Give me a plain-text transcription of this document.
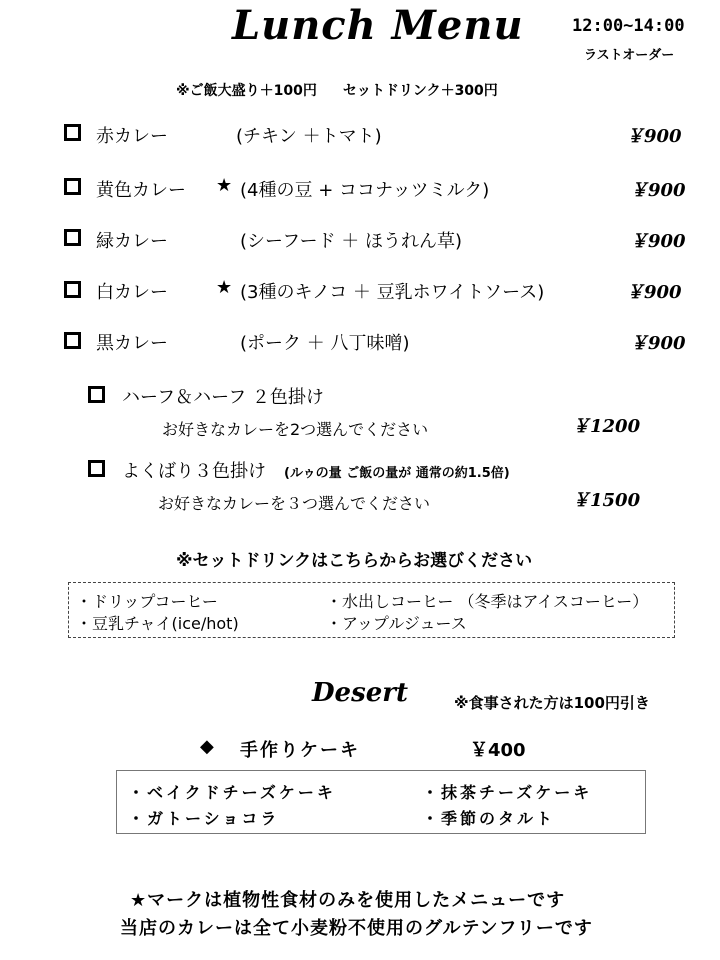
Lunch Menu	12:00~14:00
ラストオーダー
※ご飯大盛り＋100円 セットドリンク＋300円
赤カレー	(チキン ＋トマト)	￥900
黄色カレー ★ (4種の豆 + ココナッツミルク)	￥900
緑カレー	(シーフード ＋ ほうれん草)	￥900
白カレー	★ (3種のキノコ ＋ 豆乳ホワイトソース)	￥900
黒カレー	(ポーク ＋ 八丁味噌)	￥900
ハーフ＆ハーフ ２色掛け
お好きなカレーを2つ選んでください	￥1200
よくばり３色掛け (ルゥの量 ご飯の量が 通常の約1.5倍)
お好きなカレーを３つ選んでください	￥1500
※セットドリンクはこちらからお選びください
・ドリップコーヒー	・水出しコーヒー （冬季はアイスコーヒー）
・豆乳チャイ(ice/hot)	・アップルジュース
Desert	※食事された方は100円引き
◆ 手作りケーキ	￥400
・ベイクドチーズケーキ	・抹茶チーズケーキ
・ガトーショコラ	・季節のタルト
★マークは植物性食材のみを使用したメニューです
当店のカレーは全て小麦粉不使用のグルテンフリーです
